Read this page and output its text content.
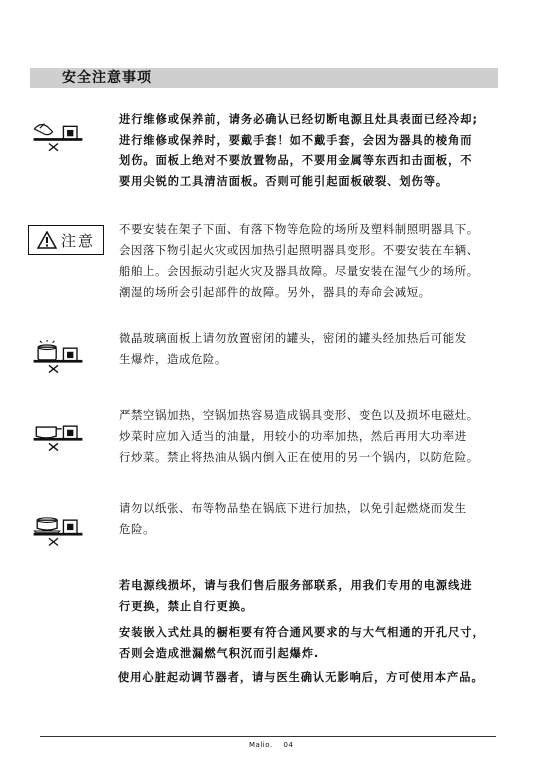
安全注意事项
进行维修或保养前，请务必确认已经切断电源且灶具表面已经冷却;
进行维修或保养时，要戴手套！如不戴手套，会因为器具的棱角而
划伤。面板上绝对不要放置物品，不要用金属等东西扣击面板，不
要用尖锐的工具清洁面板。否则可能引起面板破裂、划伤等。
注意
不要安装在架子下面、有落下物等危险的场所及塑料制照明器具下。
会因落下物引起火灾或因加热引起照明器具变形。不要安装在车辆、
船舶上。会因振动引起火灾及器具故障。尽量安装在湿气少的场所。
潮湿的场所会引起部件的故障。另外，器具的寿命会减短。
微晶玻璃面板上请勿放置密闭的罐头，密闭的罐头经加热后可能发
生爆炸，造成危险。
严禁空锅加热，空锅加热容易造成锅具变形、变色以及损坏电磁灶。
炒菜时应加入适当的油量，用较小的功率加热，然后再用大功率进
行炒菜。禁止将热油从锅内倒入正在使用的另一个锅内，以防危险。
请勿以纸张、布等物品垫在锅底下进行加热，以免引起燃烧而发生
危险。
若电源线损坏，请与我们售后服务部联系，用我们专用的电源线进
行更换，禁止自行更换。
安装嵌入式灶具的橱柜要有符合通风要求的与大气相通的开孔尺寸，
否则会造成泄漏燃气积沉而引起爆炸.
使用心脏起动调节器者，请与医生确认无影响后，方可使用本产品。
Malio. 04
